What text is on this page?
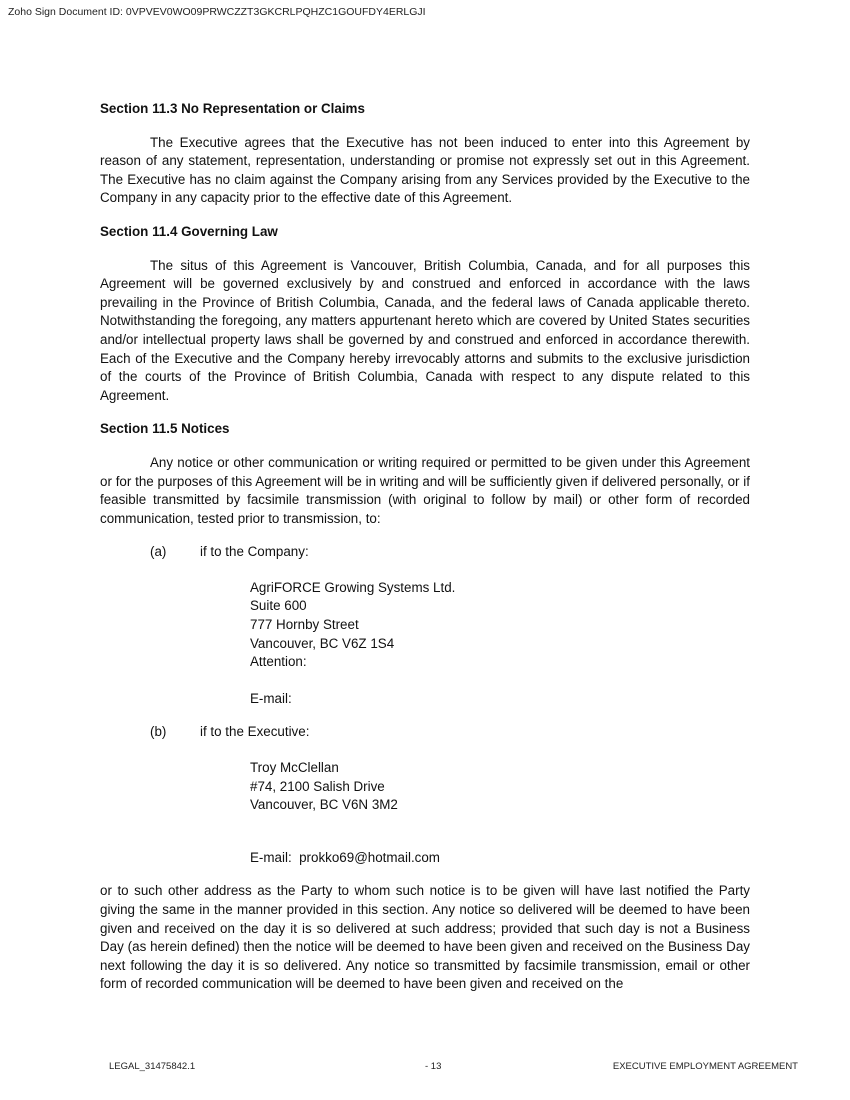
Zoho Sign Document ID: 0VPVEV0WO09PRWCZZT3GKCRLPQHZC1GOUFDY4ERLGJI
Section 11.3 No Representation or Claims

The Executive agrees that the Executive has not been induced to enter into this Agreement by reason of any statement, representation, understanding or promise not expressly set out in this Agreement. The Executive has no claim against the Company arising from any Services provided by the Executive to the Company in any capacity prior to the effective date of this Agreement.

Section 11.4 Governing Law

The situs of this Agreement is Vancouver, British Columbia, Canada, and for all purposes this Agreement will be governed exclusively by and construed and enforced in accordance with the laws prevailing in the Province of British Columbia, Canada, and the federal laws of Canada applicable thereto. Notwithstanding the foregoing, any matters appurtenant hereto which are covered by United States securities and/or intellectual property laws shall be governed by and construed and enforced in accordance therewith. Each of the Executive and the Company hereby irrevocably attorns and submits to the exclusive jurisdiction of the courts of the Province of British Columbia, Canada with respect to any dispute related to this Agreement.

Section 11.5 Notices

Any notice or other communication or writing required or permitted to be given under this Agreement or for the purposes of this Agreement will be in writing and will be sufficiently given if delivered personally, or if feasible transmitted by facsimile transmission (with original to follow by mail) or other form of recorded communication, tested prior to transmission, to:

(a)	if to the Company:
AgriFORCE Growing Systems Ltd.
Suite 600
777 Hornby Street
Vancouver, BC V6Z 1S4
Attention:
E-mail:
(b)	if to the Executive:
Troy McClellan
#74, 2100 Salish Drive
Vancouver, BC V6N 3M2
E-mail:  prokko69@hotmail.com

or to such other address as the Party to whom such notice is to be given will have last notified the Party giving the same in the manner provided in this section. Any notice so delivered will be deemed to have been given and received on the day it is so delivered at such address; provided that such day is not a Business Day (as herein defined) then the notice will be deemed to have been given and received on the Business Day next following the day it is so delivered. Any notice so transmitted by facsimile transmission, email or other form of recorded communication will be deemed to have been given and received on the

LEGAL_31475842.1	- 13	EXECUTIVE EMPLOYMENT AGREEMENT
